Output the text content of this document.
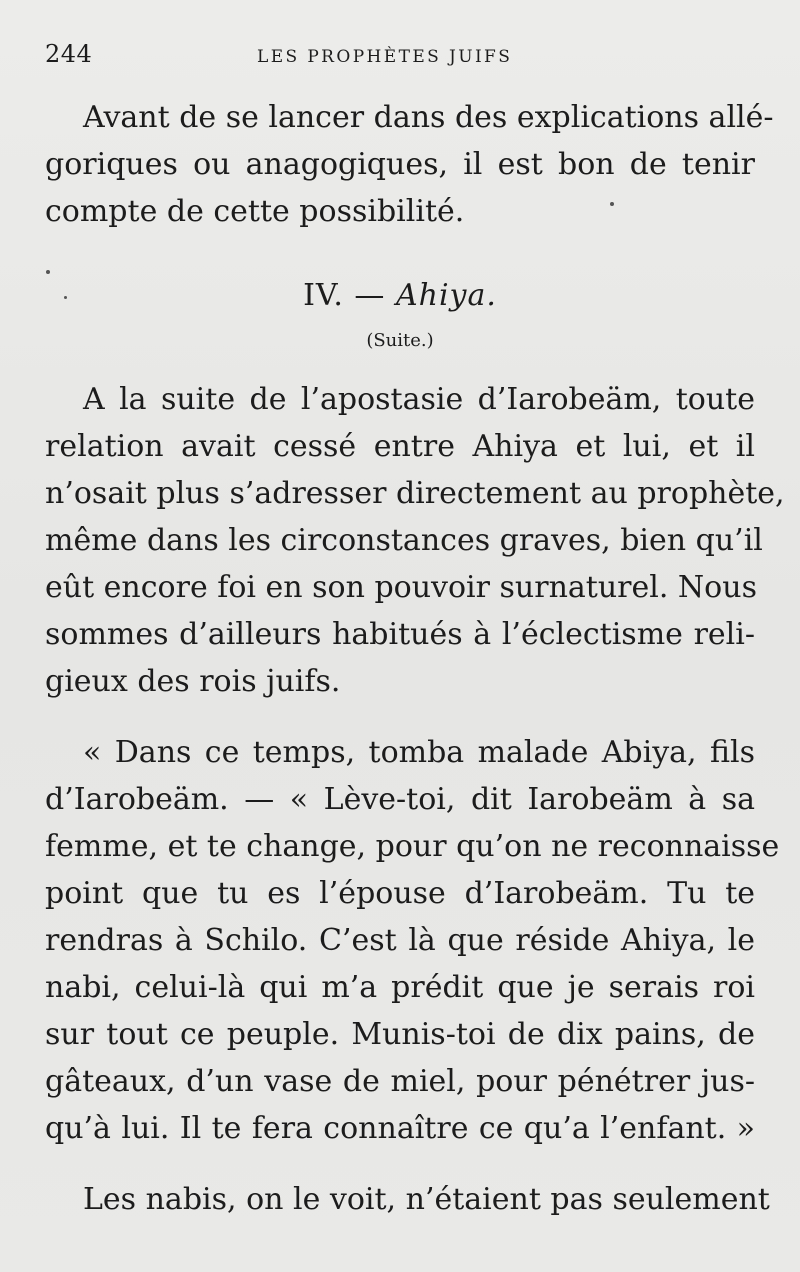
244	LES PROPHÈTES JUIFS
Avant de se lancer dans des explications allé-
goriques ou anagogiques, il est bon de tenir
compte de cette possibilité.
IV. — Ahiya.
(Suite.)
A la suite de l’apostasie d’Iarobeäm, toute
relation avait cessé entre Ahiya et lui, et il
n’osait plus s’adresser directement au prophète,
même dans les circonstances graves, bien qu’il
eût encore foi en son pouvoir surnaturel. Nous
sommes d’ailleurs habitués à l’éclectisme reli-
gieux des rois juifs.
« Dans ce temps, tomba malade Abiya, fils
d’Iarobeäm. — « Lève-toi, dit Iarobeäm à sa
femme, et te change, pour qu’on ne reconnaisse
point que tu es l’épouse d’Iarobeäm. Tu te
rendras à Schilo. C’est là que réside Ahiya, le
nabi, celui-là qui m’a prédit que je serais roi
sur tout ce peuple. Munis-toi de dix pains, de
gâteaux, d’un vase de miel, pour pénétrer jus-
qu’à lui. Il te fera connaître ce qu’a l’enfant. »
Les nabis, on le voit, n’étaient pas seulement
